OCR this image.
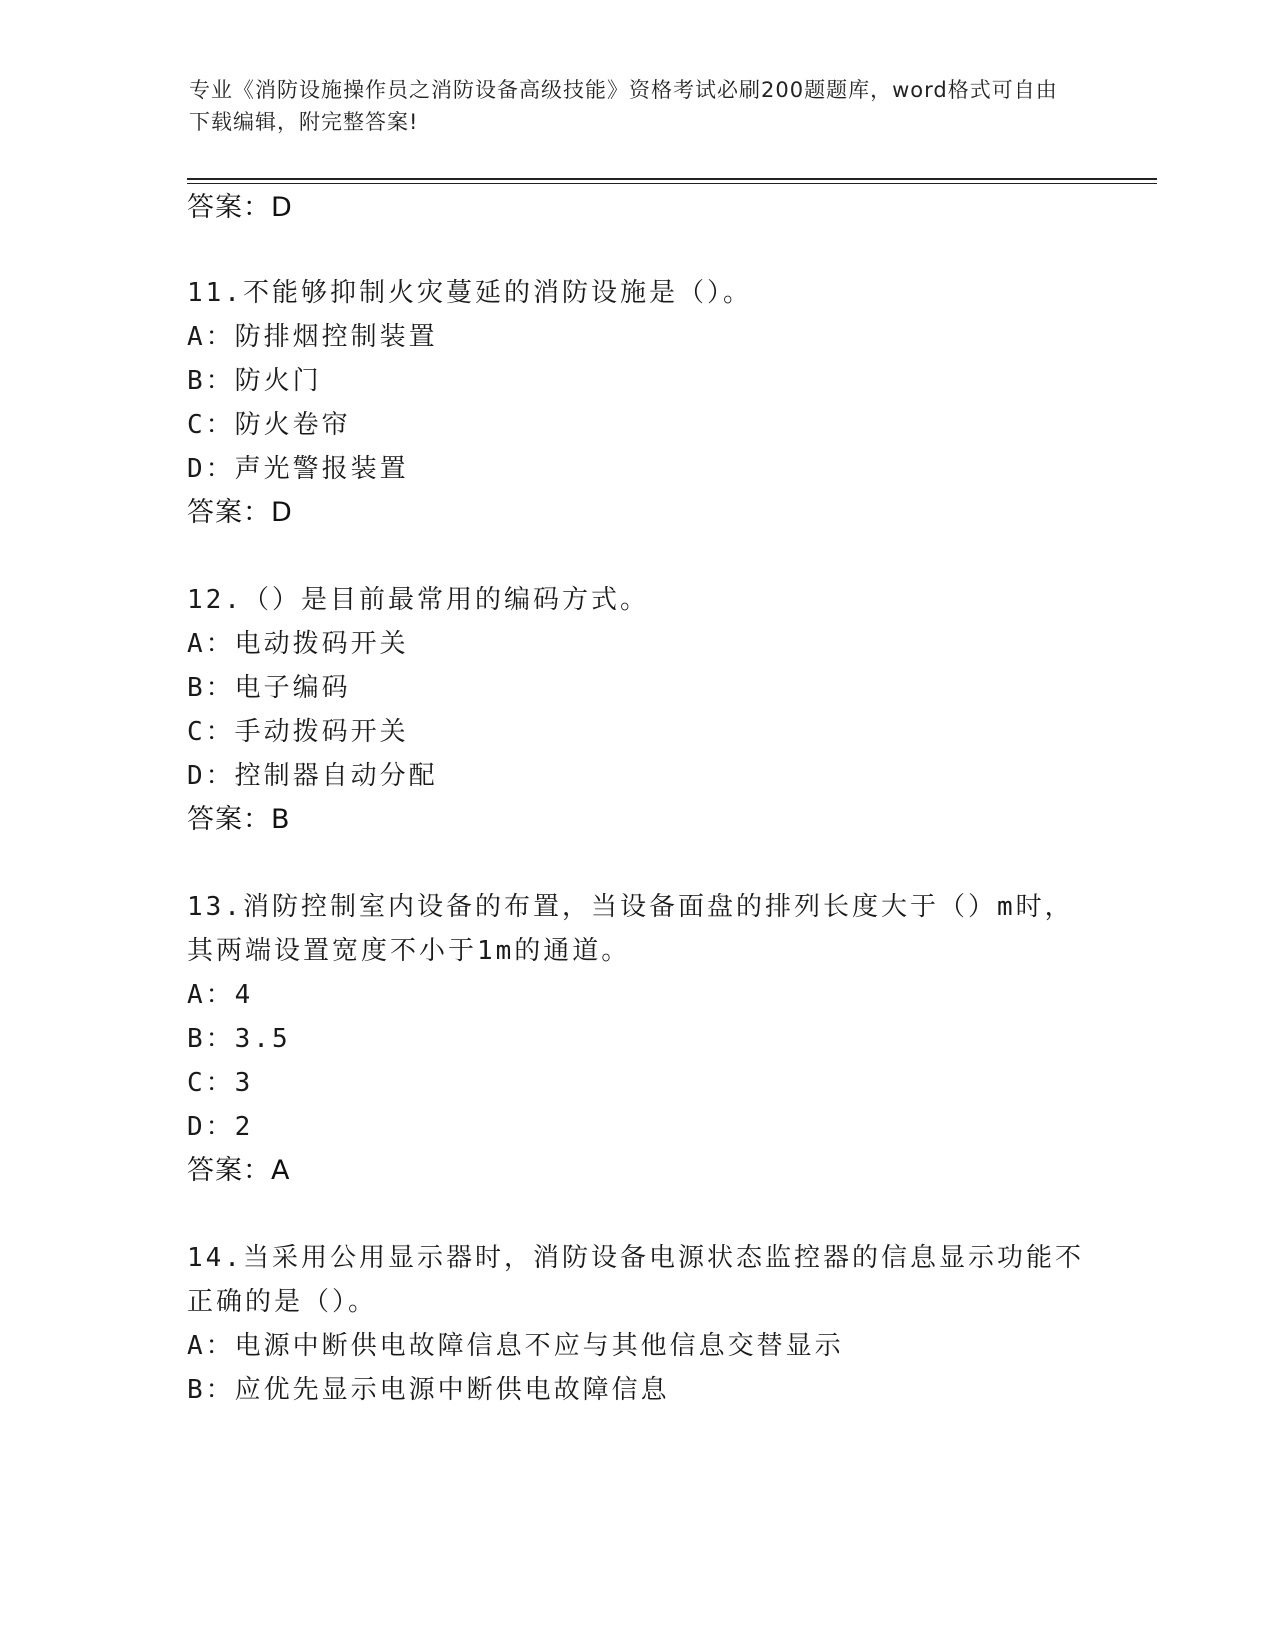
专业《消防设施操作员之消防设备高级技能》资格考试必刷200题题库，word格式可自由下载编辑，附完整答案!
答案：D
11.不能够抑制火灾蔓延的消防设施是（）。
A：防排烟控制装置
B：防火门
C：防火卷帘
D：声光警报装置
答案：D
12.（）是目前最常用的编码方式。
A：电动拨码开关
B：电子编码
C：手动拨码开关
D：控制器自动分配
答案：B
13.消防控制室内设备的布置，当设备面盘的排列长度大于（）m时，
其两端设置宽度不小于1m的通道。
A：4
B：3.5
C：3
D：2
答案：A
14.当采用公用显示器时，消防设备电源状态监控器的信息显示功能不
正确的是（）。
A：电源中断供电故障信息不应与其他信息交替显示
B：应优先显示电源中断供电故障信息
